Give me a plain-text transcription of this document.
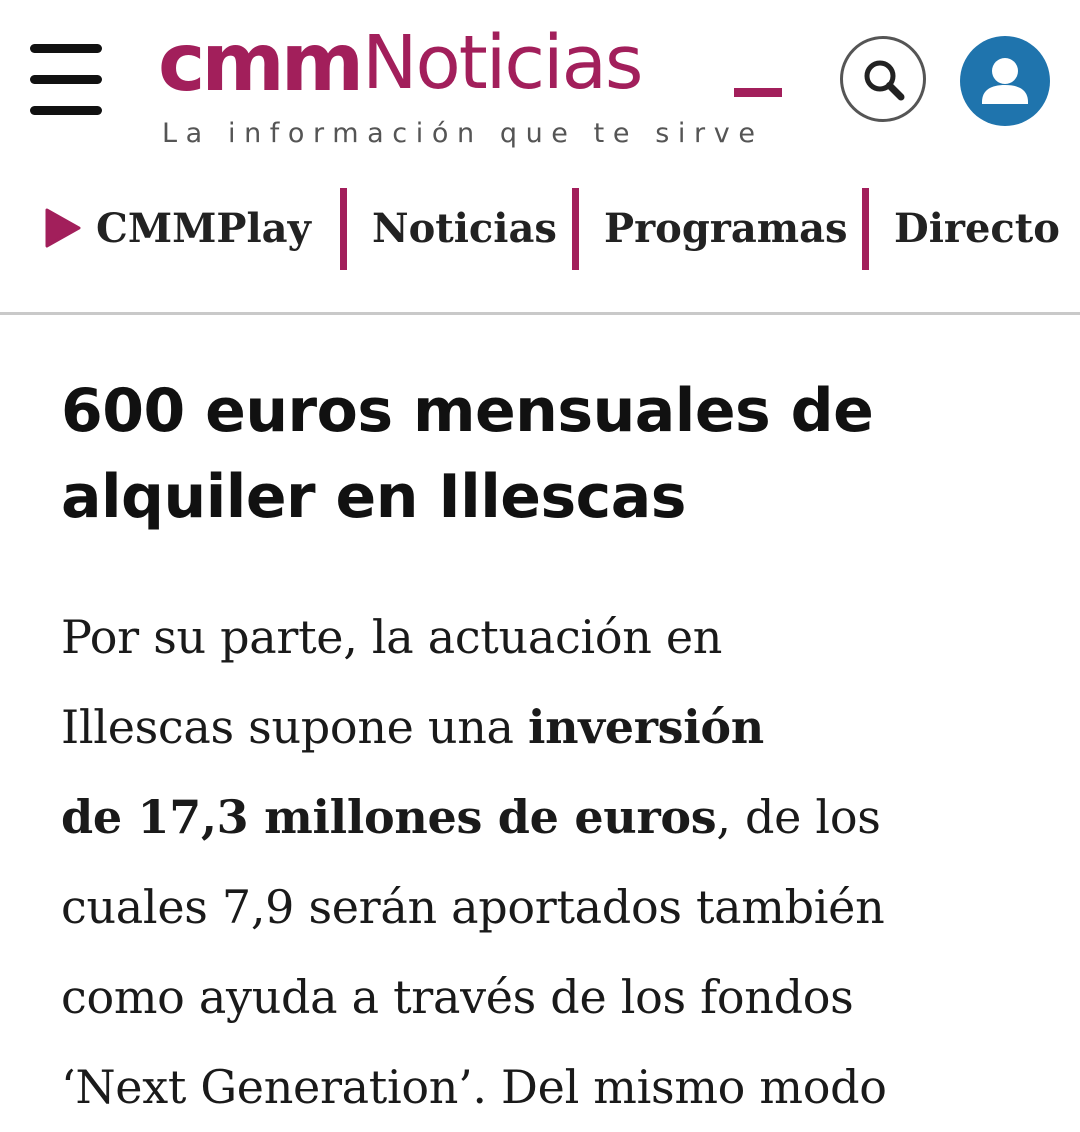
cmmNoticias
La información que te sirve
CMMPlay Noticias Programas Directo
600 euros mensuales de alquiler en Illescas

Por su parte, la actuación en
Illescas supone una inversión
de 17,3 millones de euros, de los
cuales 7,9 serán aportados también
como ayuda a través de los fondos
‘Next Generation’. Del mismo modo
